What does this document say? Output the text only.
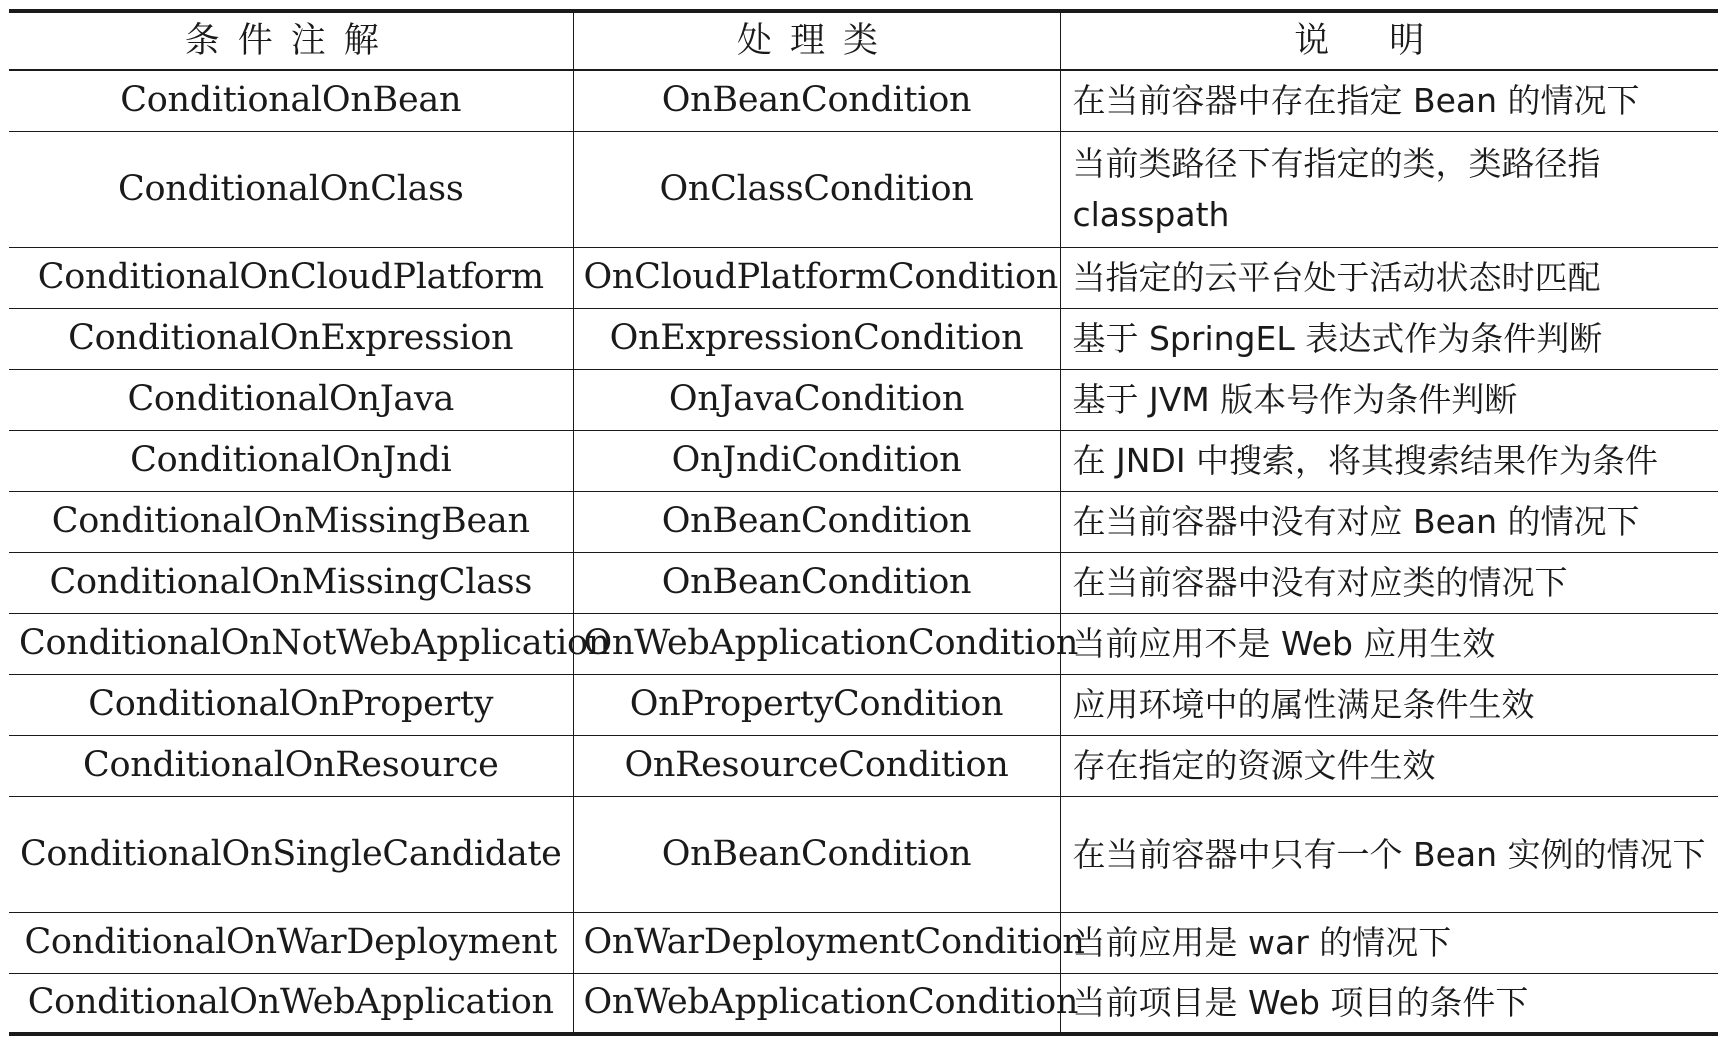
条件注解	处理类	说明
ConditionalOnBean	OnBeanCondition	在当前容器中存在指定 Bean 的情况下
ConditionalOnClass	OnClassCondition	当前类路径下有指定的类，类路径指 classpath
ConditionalOnCloudPlatform	OnCloudPlatformCondition	当指定的云平台处于活动状态时匹配
ConditionalOnExpression	OnExpressionCondition	基于 SpringEL 表达式作为条件判断
ConditionalOnJava	OnJavaCondition	基于 JVM 版本号作为条件判断
ConditionalOnJndi	OnJndiCondition	在 JNDI 中搜索，将其搜索结果作为条件
ConditionalOnMissingBean	OnBeanCondition	在当前容器中没有对应 Bean 的情况下
ConditionalOnMissingClass	OnBeanCondition	在当前容器中没有对应类的情况下
ConditionalOnNotWebApplication	OnWebApplicationCondition	当前应用不是 Web 应用生效
ConditionalOnProperty	OnPropertyCondition	应用环境中的属性满足条件生效
ConditionalOnResource	OnResourceCondition	存在指定的资源文件生效
ConditionalOnSingleCandidate	OnBeanCondition	在当前容器中只有一个 Bean 实例的情况下
ConditionalOnWarDeployment	OnWarDeploymentCondition	当前应用是 war 的情况下
ConditionalOnWebApplication	OnWebApplicationCondition	当前项目是 Web 项目的条件下
